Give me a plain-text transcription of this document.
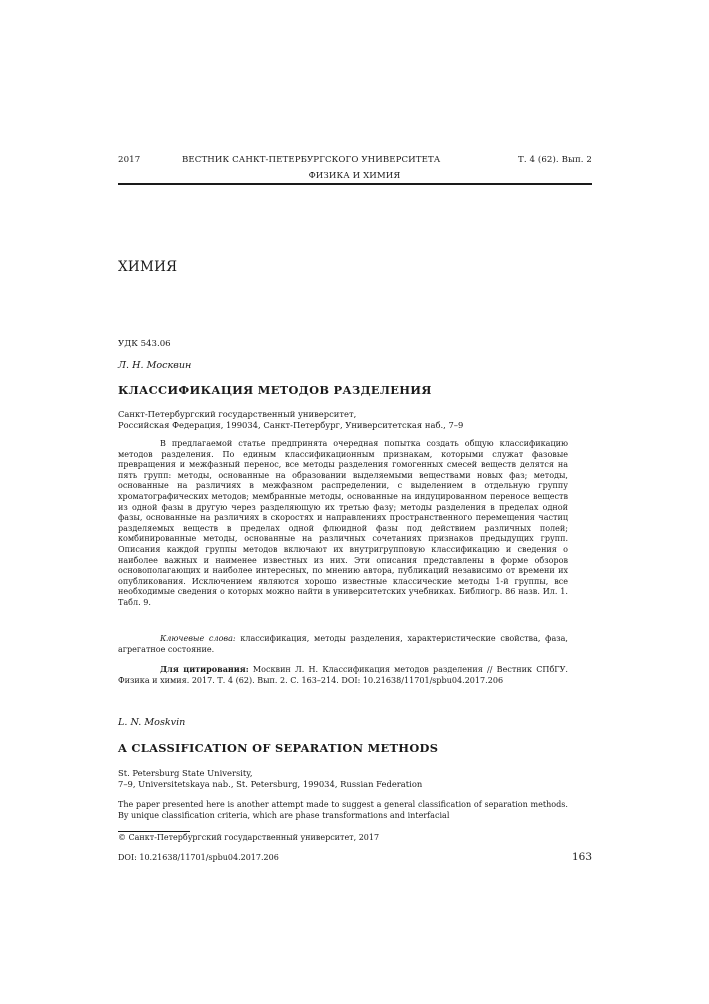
2017	ВЕСТНИК САНКТ-ПЕТЕРБУРГСКОГО УНИВЕРСИТЕТА	Т. 4 (62). Вып. 2
ФИЗИКА И ХИМИЯ
ХИМИЯ
УДК 543.06
Л. Н. Москвин
КЛАССИФИКАЦИЯ МЕТОДОВ РАЗДЕЛЕНИЯ
Санкт-Петербургский государственный университет,
Российская Федерация, 199034, Санкт-Петербург, Университетская наб., 7–9

В предлагаемой статье предпринята очередная попытка создать общую классификацию методов разделения. По единым классификационным признакам, которыми служат фазовые превращения и межфазный перенос, все методы разделения гомогенных смесей веществ делятся на пять групп: методы, основанные на образовании выделяемыми веществами новых фаз; методы, основанные на различиях в межфазном распределении, с выделением в отдельную группу хроматографических методов; мембранные методы, основанные на индуцированном переносе веществ из одной фазы в другую через разделяющую их третью фазу; методы разделения в пределах одной фазы, основанные на различиях в скоростях и направлениях пространственного перемещения частиц разделяемых веществ в пределах одной флюидной фазы под действием различных полей; комбинированные методы, основанные на различных сочетаниях признаков предыдущих групп. Описания каждой группы методов включают их внутригрупповую классификацию и сведения о наиболее важных и наименее известных из них. Эти описания представлены в форме обзоров основополагающих и наиболее интересных, по мнению автора, публикаций независимо от времени их опубликования. Исключением являются хорошо известные классические методы 1-й группы, все необходимые сведения о которых можно найти в университетских учебниках. Библиогр. 86 назв. Ил. 1. Табл. 9.

Ключевые слова: классификация, методы разделения, характеристические свойства, фаза, агрегатное состояние.
Для цитирования: Москвин Л. Н. Классификация методов разделения // Вестник СПбГУ. Физика и химия. 2017. Т. 4 (62). Вып. 2. С. 163–214. DOI: 10.21638/11701/spbu04.2017.206
L. N. Moskvin
A CLASSIFICATION OF SEPARATION METHODS
St. Petersburg State University,
7–9, Universitetskaya nab., St. Petersburg, 199034, Russian Federation
The paper presented here is another attempt made to suggest a general classification of separation methods. By unique classification criteria, which are phase transformations and interfacial
© Санкт-Петербургский государственный университет, 2017
DOI: 10.21638/11701/spbu04.2017.206	163
